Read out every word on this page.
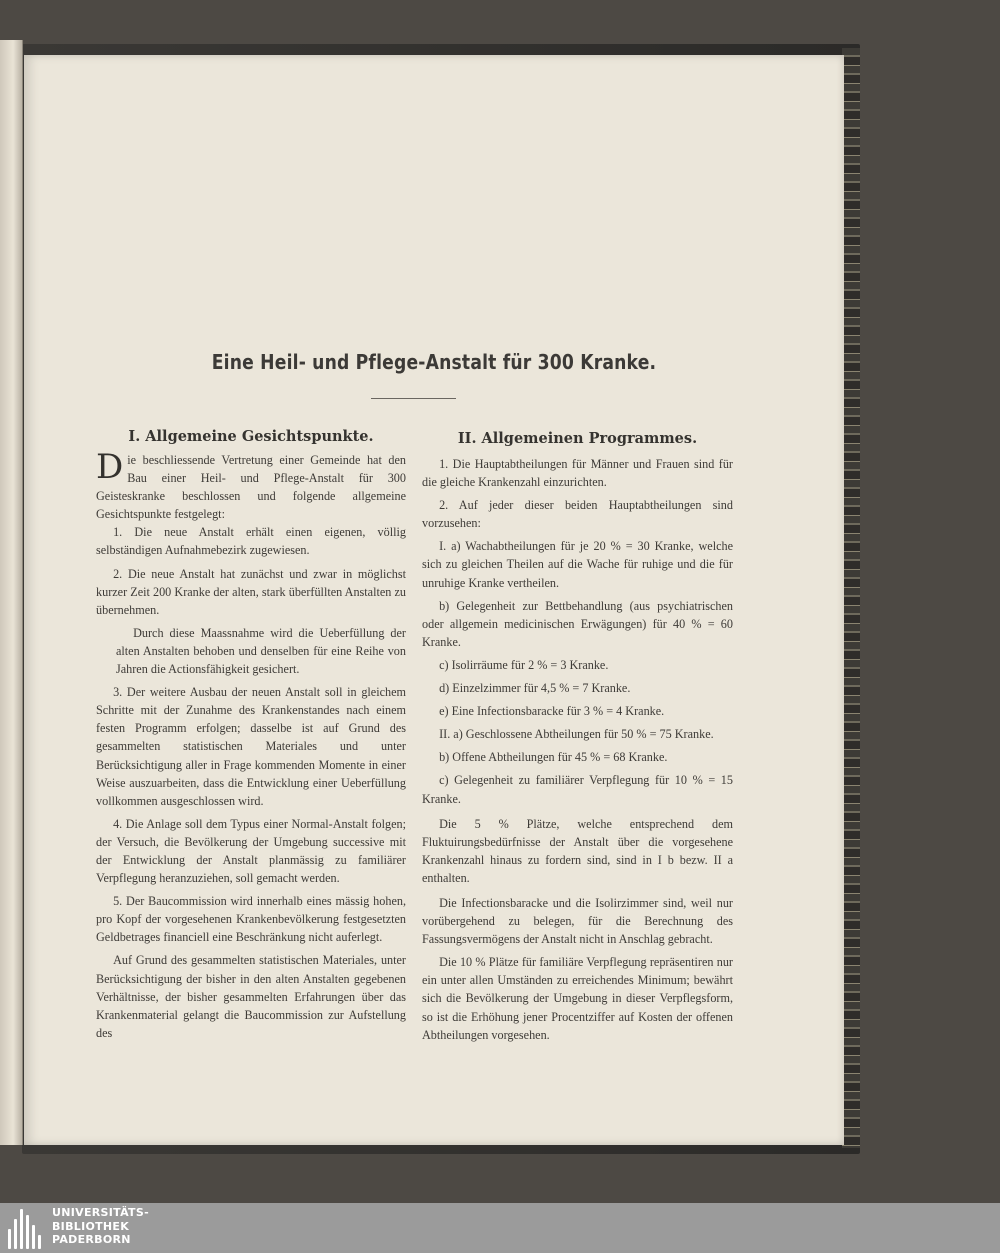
Eine Heil- und Pflege-Anstalt für 300 Kranke.
I. Allgemeine Gesichtspunkte.

Die beschliessende Vertretung einer Gemeinde hat den Bau einer Heil- und Pflege-Anstalt für 300 Geisteskranke beschlossen und folgende allgemeine Gesichtspunkte festgelegt:

1. Die neue Anstalt erhält einen eigenen, völlig selbständigen Aufnahmebezirk zugewiesen.

2. Die neue Anstalt hat zunächst und zwar in möglichst kurzer Zeit 200 Kranke der alten, stark überfüllten Anstalten zu übernehmen.

Durch diese Maassnahme wird die Ueberfüllung der alten Anstalten behoben und denselben für eine Reihe von Jahren die Actionsfähigkeit gesichert.

3. Der weitere Ausbau der neuen Anstalt soll in gleichem Schritte mit der Zunahme des Krankenstandes nach einem festen Programm erfolgen; dasselbe ist auf Grund des gesammelten statistischen Materiales und unter Berücksichtigung aller in Frage kommenden Momente in einer Weise auszuarbeiten, dass die Entwicklung einer Ueberfüllung vollkommen ausgeschlossen wird.

4. Die Anlage soll dem Typus einer Normal-Anstalt folgen; der Versuch, die Bevölkerung der Umgebung successive mit der Entwicklung der Anstalt planmässig zu familiärer Verpflegung heranzuziehen, soll gemacht werden.

5. Der Baucommission wird innerhalb eines mässig hohen, pro Kopf der vorgesehenen Krankenbevölkerung festgesetzten Geldbetrages financiell eine Beschränkung nicht auferlegt.

Auf Grund des gesammelten statistischen Materiales, unter Berücksichtigung der bisher in den alten Anstalten gegebenen Verhältnisse, der bisher gesammelten Erfahrungen über das Krankenmaterial gelangt die Baucommission zur Aufstellung des

II. Allgemeinen Programmes.

1. Die Hauptabtheilungen für Männer und Frauen sind für die gleiche Krankenzahl einzurichten.

2. Auf jeder dieser beiden Hauptabtheilungen sind vorzusehen:

I. a) Wachabtheilungen für je 20 % = 30 Kranke, welche sich zu gleichen Theilen auf die Wache für ruhige und die für unruhige Kranke vertheilen.

b) Gelegenheit zur Bettbehandlung (aus psychiatrischen oder allgemein medicinischen Erwägungen) für 40 % = 60 Kranke.

c) Isolirräume für 2 % = 3 Kranke.

d) Einzelzimmer für 4,5 % = 7 Kranke.

e) Eine Infectionsbaracke für 3 % = 4 Kranke.

II. a) Geschlossene Abtheilungen für 50 % = 75 Kranke.

b) Offene Abtheilungen für 45 % = 68 Kranke.

c) Gelegenheit zu familiärer Verpflegung für 10 % = 15 Kranke.

Die 5 % Plätze, welche entsprechend dem Fluktuirungsbedürfnisse der Anstalt über die vorgesehene Krankenzahl hinaus zu fordern sind, sind in I b bezw. II a enthalten.

Die Infectionsbaracke und die Isolirzimmer sind, weil nur vorübergehend zu belegen, für die Berechnung des Fassungsvermögens der Anstalt nicht in Anschlag gebracht.

Die 10 % Plätze für familiäre Verpflegung repräsentiren nur ein unter allen Umständen zu erreichendes Minimum; bewährt sich die Bevölkerung der Umgebung in dieser Verpflegsform, so ist die Erhöhung jener Procentziffer auf Kosten der offenen Abtheilungen vorgesehen.

UNIVERSITÄTS-
BIBLIOTHEK
PADERBORN
